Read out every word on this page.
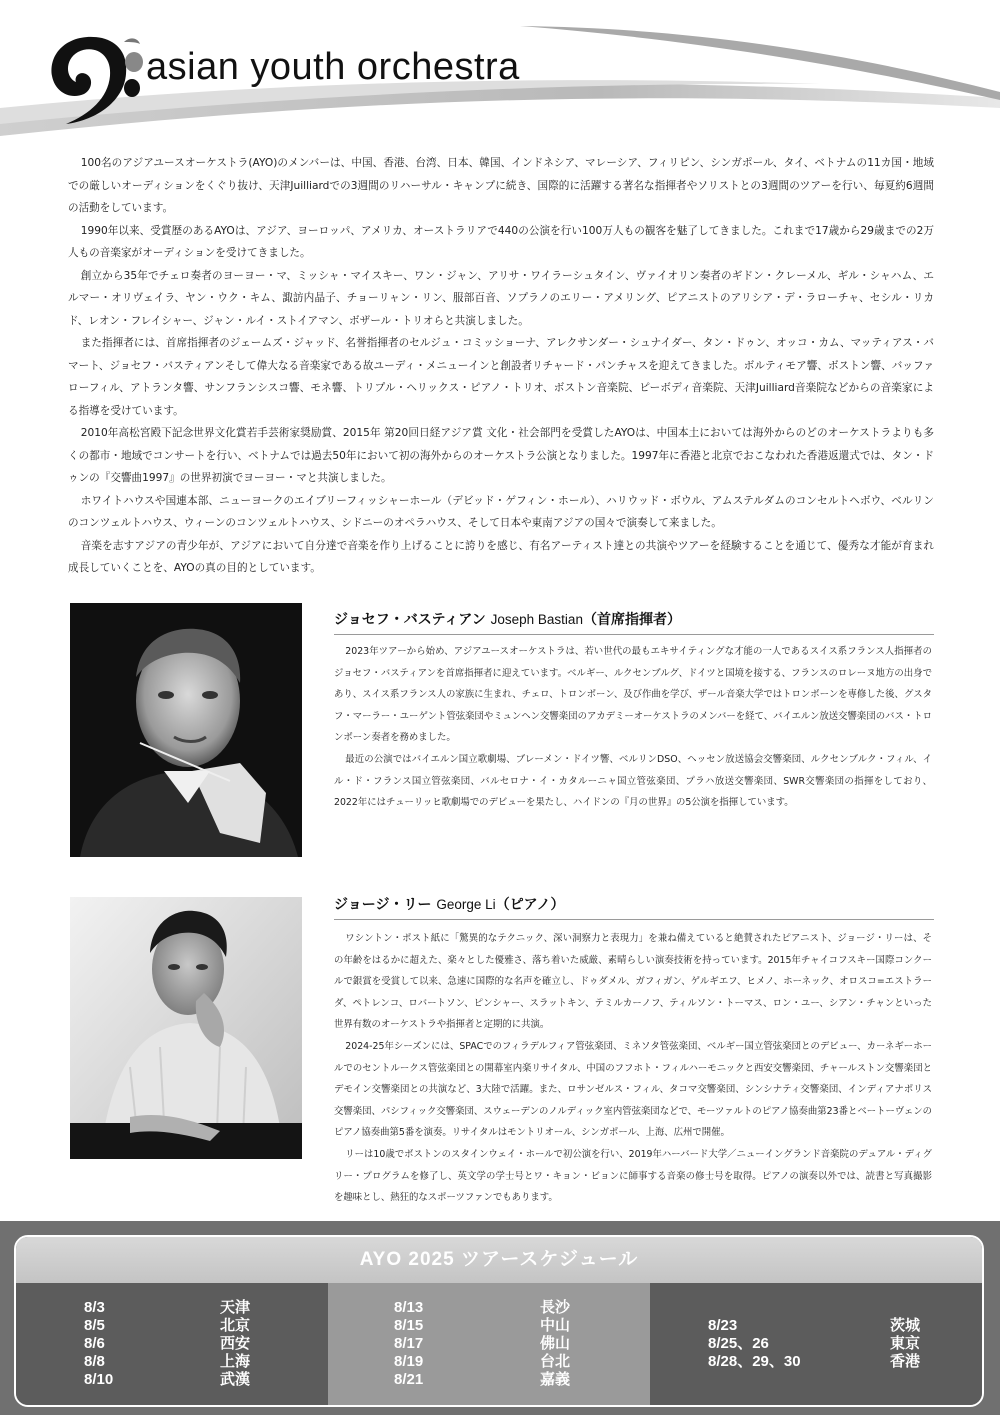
asian youth orchestra

100名のアジアユースオーケストラ(AYO)のメンバーは、中国、香港、台湾、日本、韓国、インドネシア、マレーシア、フィリピン、シンガポール、タイ、ベトナムの11カ国・地域での厳しいオーディションをくぐり抜け、天津Juilliardでの3週間のリハーサル・キャンプに続き、国際的に活躍する著名な指揮者やソリストとの3週間のツアーを行い、毎夏約6週間の活動をしています。

1990年以来、受賞歴のあるAYOは、アジア、ヨーロッパ、アメリカ、オーストラリアで440の公演を行い100万人もの観客を魅了してきました。これまで17歳から29歳までの2万人もの音楽家がオーディションを受けてきました。

創立から35年でチェロ奏者のヨーヨー・マ、ミッシャ・マイスキー、ワン・ジャン、アリサ・ワイラーシュタイン、ヴァイオリン奏者のギドン・クレーメル、ギル・シャハム、エルマー・オリヴェイラ、ヤン・ウク・キム、諏訪内晶子、チョーリャン・リン、服部百音、ソプラノのエリー・アメリング、ピアニストのアリシア・デ・ラローチャ、セシル・リカド、レオン・フレイシャー、ジャン・ルイ・ストイアマン、ボザール・トリオらと共演しました。

また指揮者には、首席指揮者のジェームズ・ジャッド、名誉指揮者のセルジュ・コミッショーナ、アレクサンダー・シュナイダー、タン・ドゥン、オッコ・カム、マッティアス・バマート、ジョセフ・バスティアンそして偉大なる音楽家である故ユーディ・メニューインと創設者リチャード・パンチャスを迎えてきました。ボルティモア響、ボストン響、バッファローフィル、アトランタ響、サンフランシスコ響、モネ響、トリプル・ヘリックス・ピアノ・トリオ、ボストン音楽院、ピーボディ音楽院、天津Juilliard音楽院などからの音楽家による指導を受けています。

2010年高松宮殿下記念世界文化賞若手芸術家奨励賞、2015年 第20回日経アジア賞 文化・社会部門を受賞したAYOは、中国本土においては海外からのどのオーケストラよりも多くの都市・地域でコンサートを行い、ベトナムでは過去50年において初の海外からのオーケストラ公演となりました。1997年に香港と北京でおこなわれた香港返還式では、タン・ドゥンの『交響曲1997』の世界初演でヨーヨー・マと共演しました。

ホワイトハウスや国連本部、ニューヨークのエイブリーフィッシャーホール（デビッド・ゲフィン・ホール）、ハリウッド・ボウル、アムステルダムのコンセルトヘボウ、ベルリンのコンツェルトハウス、ウィーンのコンツェルトハウス、シドニーのオペラハウス、そして日本や東南アジアの国々で演奏して来ました。

音楽を志すアジアの青少年が、アジアにおいて自分達で音楽を作り上げることに誇りを感じ、有名アーティスト達との共演やツアーを経験することを通じて、優秀な才能が育まれ成長していくことを、AYOの真の目的としています。

ジョセフ・バスティアン Joseph Bastian（首席指揮者）

2023年ツアーから始め、アジアユースオーケストラは、若い世代の最もエキサイティングな才能の一人であるスイス系フランス人指揮者のジョセフ・バスティアンを首席指揮者に迎えています。ベルギー、ルクセンブルグ、ドイツと国境を接する、フランスのロレーヌ地方の出身であり、スイス系フランス人の家族に生まれ、チェロ、トロンボーン、及び作曲を学び、ザール音楽大学ではトロンボーンを専修した後、グスタフ・マーラー・ユーゲント管弦楽団やミュンヘン交響楽団のアカデミーオーケストラのメンバーを経て、バイエルン放送交響楽団のバス・トロンボーン奏者を務めました。

最近の公演ではバイエルン国立歌劇場、ブレーメン・ドイツ響、ベルリンDSO、ヘッセン放送協会交響楽団、ルクセンブルク・フィル、イル・ド・フランス国立管弦楽団、バルセロナ・イ・カタルーニャ国立管弦楽団、プラハ放送交響楽団、SWR交響楽団の指揮をしており、2022年にはチューリッヒ歌劇場でのデビューを果たし、ハイドンの『月の世界』の5公演を指揮しています。

ジョージ・リー George Li（ピアノ）

ワシントン・ポスト紙に「驚異的なテクニック、深い洞察力と表現力」を兼ね備えていると絶賛されたピアニスト、ジョージ・リーは、その年齢をはるかに超えた、楽々とした優雅さ、落ち着いた威厳、素晴らしい演奏技術を持っています。2015年チャイコフスキー国際コンクールで銀賞を受賞して以来、急速に国際的な名声を確立し、ドゥダメル、ガフィガン、ゲルギエフ、ヒメノ、ホーネック、オロスコ=エストラーダ、ペトレンコ、ロバートソン、ピンシャー、スラットキン、テミルカーノフ、ティルソン・トーマス、ロン・ユー、シアン・チャンといった世界有数のオーケストラや指揮者と定期的に共演。

2024-25年シーズンには、SPACでのフィラデルフィア管弦楽団、ミネソタ管弦楽団、ベルギー国立管弦楽団とのデビュー、カーネギーホールでのセントルークス管弦楽団との開幕室内楽リサイタル、中国のフフホト・フィルハーモニックと西安交響楽団、チャールストン交響楽団とデモイン交響楽団との共演など、3大陸で活躍。また、ロサンゼルス・フィル、タコマ交響楽団、シンシナティ交響楽団、インディアナポリス交響楽団、パシフィック交響楽団、スウェーデンのノルディック室内管弦楽団などで、モーツァルトのピアノ協奏曲第23番とベートーヴェンのピアノ協奏曲第5番を演奏。リサイタルはモントリオール、シンガポール、上海、広州で開催。

リーは10歳でボストンのスタインウェイ・ホールで初公演を行い、2019年ハーバード大学／ニューイングランド音楽院のデュアル・ディグリー・プログラムを修了し、英文学の学士号とワ・キョン・ビョンに師事する音楽の修士号を取得。ピアノの演奏以外では、読書と写真撮影を趣味とし、熱狂的なスポーツファンでもあります。

AYO 2025 ツアースケジュール
8/3	天津
8/5	北京
8/6	西安
8/8	上海
8/10	武漢
8/13	長沙
8/15	中山
8/17	佛山
8/19	台北
8/21	嘉義
8/23	茨城
8/25、26	東京
8/28、29、30	香港
